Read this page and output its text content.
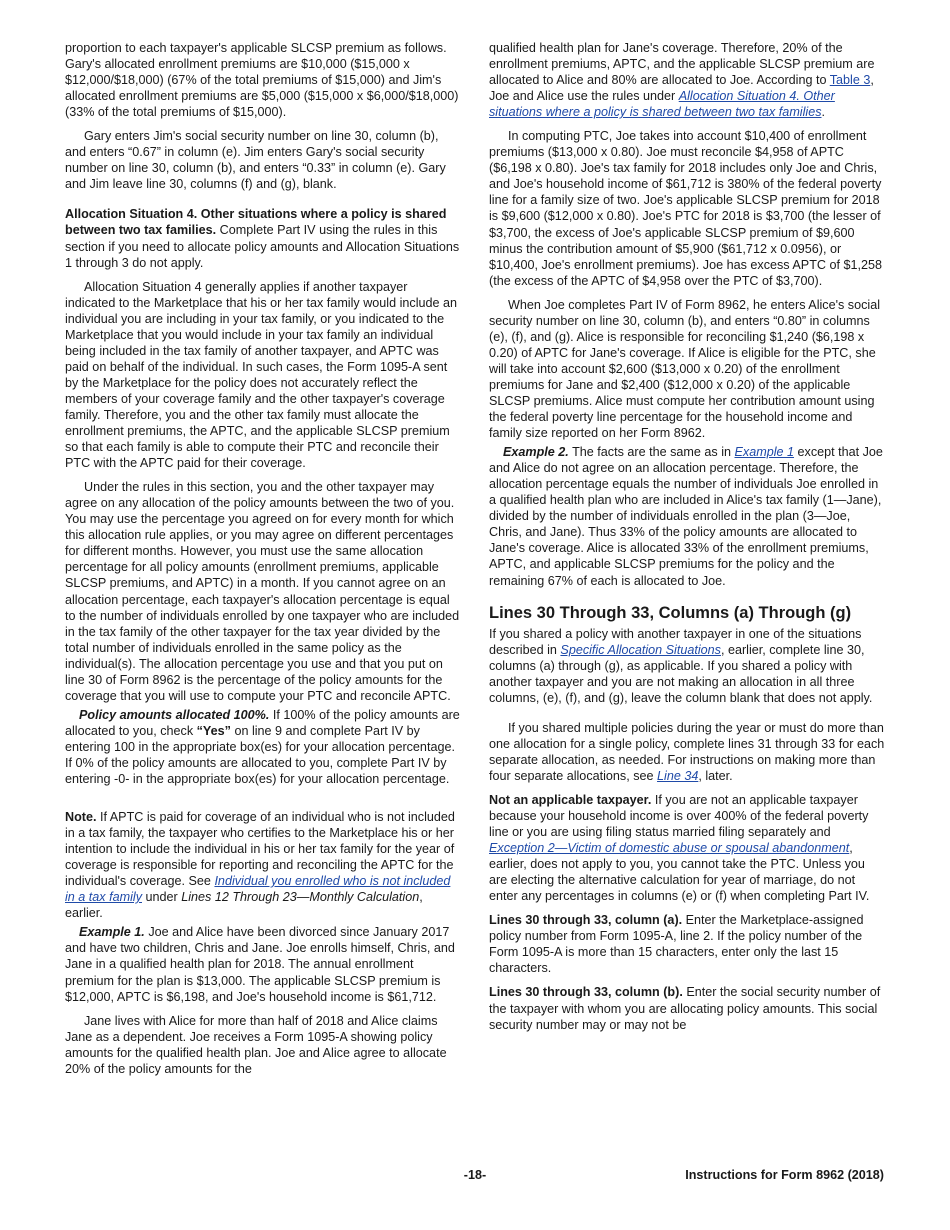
proportion to each taxpayer's applicable SLCSP premium as follows. Gary's allocated enrollment premiums are $10,000 ($15,000 x $12,000/$18,000) (67% of the total premiums of $15,000) and Jim's allocated enrollment premiums are $5,000 ($15,000 x $6,000/$18,000) (33% of the total premiums of $15,000).

Gary enters Jim's social security number on line 30, column (b), and enters “0.67” in column (e). Jim enters Gary's social security number on line 30, column (b), and enters “0.33” in column (e). Gary and Jim leave line 30, columns (f) and (g), blank.

Allocation Situation 4. Other situations where a policy is shared between two tax families. Complete Part IV using the rules in this section if you need to allocate policy amounts and Allocation Situations 1 through 3 do not apply.

Allocation Situation 4 generally applies if another taxpayer indicated to the Marketplace that his or her tax family would include an individual you are including in your tax family, or you indicated to the Marketplace that you would include in your tax family an individual being included in the tax family of another taxpayer, and APTC was paid on behalf of the individual. In such cases, the Form 1095-A sent by the Marketplace for the policy does not accurately reflect the members of your coverage family and the other taxpayer's coverage family. Therefore, you and the other tax family must allocate the enrollment premiums, the APTC, and the applicable SLCSP premium so that each family is able to compute their PTC and reconcile their PTC with the APTC paid for their coverage.

Under the rules in this section, you and the other taxpayer may agree on any allocation of the policy amounts between the two of you. You may use the percentage you agreed on for every month for which this allocation rule applies, or you may agree on different percentages for different months. However, you must use the same allocation percentage for all policy amounts (enrollment premiums, applicable SLCSP premiums, and APTC) in a month. If you cannot agree on an allocation percentage, each taxpayer's allocation percentage is equal to the number of individuals enrolled by one taxpayer who are included in the tax family of the other taxpayer for the tax year divided by the total number of individuals enrolled in the same policy as the individual(s). The allocation percentage you use and that you put on line 30 of Form 8962 is the percentage of the policy amounts for the coverage that you will use to compute your PTC and reconcile APTC.

Policy amounts allocated 100%. If 100% of the policy amounts are allocated to you, check “Yes” on line 9 and complete Part IV by entering 100 in the appropriate box(es) for your allocation percentage. If 0% of the policy amounts are allocated to you, complete Part IV by entering -0- in the appropriate box(es) for your allocation percentage.

Note. If APTC is paid for coverage of an individual who is not included in a tax family, the taxpayer who certifies to the Marketplace his or her intention to include the individual in his or her tax family for the year of coverage is responsible for reporting and reconciling the APTC for the individual's coverage. See Individual you enrolled who is not included in a tax family under Lines 12 Through 23—Monthly Calculation, earlier.

Example 1. Joe and Alice have been divorced since January 2017 and have two children, Chris and Jane. Joe enrolls himself, Chris, and Jane in a qualified health plan for 2018. The annual enrollment premium for the plan is $13,000. The applicable SLCSP premium is $12,000, APTC is $6,198, and Joe's household income is $61,712.

Jane lives with Alice for more than half of 2018 and Alice claims Jane as a dependent. Joe receives a Form 1095-A showing policy amounts for the qualified health plan. Joe and Alice agree to allocate 20% of the policy amounts for the

qualified health plan for Jane's coverage. Therefore, 20% of the enrollment premiums, APTC, and the applicable SLCSP premium are allocated to Alice and 80% are allocated to Joe. According to Table 3, Joe and Alice use the rules under Allocation Situation 4. Other situations where a policy is shared between two tax families.

In computing PTC, Joe takes into account $10,400 of enrollment premiums ($13,000 x 0.80). Joe must reconcile $4,958 of APTC ($6,198 x 0.80). Joe's tax family for 2018 includes only Joe and Chris, and Joe's household income of $61,712 is 380% of the federal poverty line for a family size of two. Joe's applicable SLCSP premium for 2018 is $9,600 ($12,000 x 0.80). Joe's PTC for 2018 is $3,700 (the lesser of $3,700, the excess of Joe's applicable SLCSP premium of $9,600 minus the contribution amount of $5,900 ($61,712 x 0.0956), or $10,400, Joe's enrollment premiums). Joe has excess APTC of $1,258 (the excess of the APTC of $4,958 over the PTC of $3,700).

When Joe completes Part IV of Form 8962, he enters Alice's social security number on line 30, column (b), and enters “0.80” in columns (e), (f), and (g). Alice is responsible for reconciling $1,240 ($6,198 x 0.20) of APTC for Jane's coverage. If Alice is eligible for the PTC, she will take into account $2,600 ($13,000 x 0.20) of the enrollment premiums for Jane and $2,400 ($12,000 x 0.20) of the applicable SLCSP premiums. Alice must compute her contribution amount using the federal poverty line percentage for the household income and family size reported on her Form 8962.

Example 2. The facts are the same as in Example 1 except that Joe and Alice do not agree on an allocation percentage. Therefore, the allocation percentage equals the number of individuals Joe enrolled in a qualified health plan who are included in Alice's tax family (1—Jane), divided by the number of individuals enrolled in the plan (3—Joe, Chris, and Jane). Thus 33% of the policy amounts are allocated to Jane's coverage. Alice is allocated 33% of the enrollment premiums, APTC, and applicable SLCSP premiums for the policy and the remaining 67% of each is allocated to Joe.

Lines 30 Through 33, Columns (a) Through (g)

If you shared a policy with another taxpayer in one of the situations described in Specific Allocation Situations, earlier, complete line 30, columns (a) through (g), as applicable. If you shared a policy with another taxpayer and you are not making an allocation in all three columns, (e), (f), and (g), leave the column blank that does not apply.

If you shared multiple policies during the year or must do more than one allocation for a single policy, complete lines 31 through 33 for each separate allocation, as needed. For instructions on making more than four separate allocations, see Line 34, later.

Not an applicable taxpayer. If you are not an applicable taxpayer because your household income is over 400% of the federal poverty line or you are using filing status married filing separately and Exception 2—Victim of domestic abuse or spousal abandonment, earlier, does not apply to you, you cannot take the PTC. Unless you are electing the alternative calculation for year of marriage, do not enter any percentages in columns (e) or (f) when completing Part IV.

Lines 30 through 33, column (a). Enter the Marketplace-assigned policy number from Form 1095-A, line 2. If the policy number of the Form 1095-A is more than 15 characters, enter only the last 15 characters.

Lines 30 through 33, column (b). Enter the social security number of the taxpayer with whom you are allocating policy amounts. This social security number may or may not be

-18-	Instructions for Form 8962 (2018)
